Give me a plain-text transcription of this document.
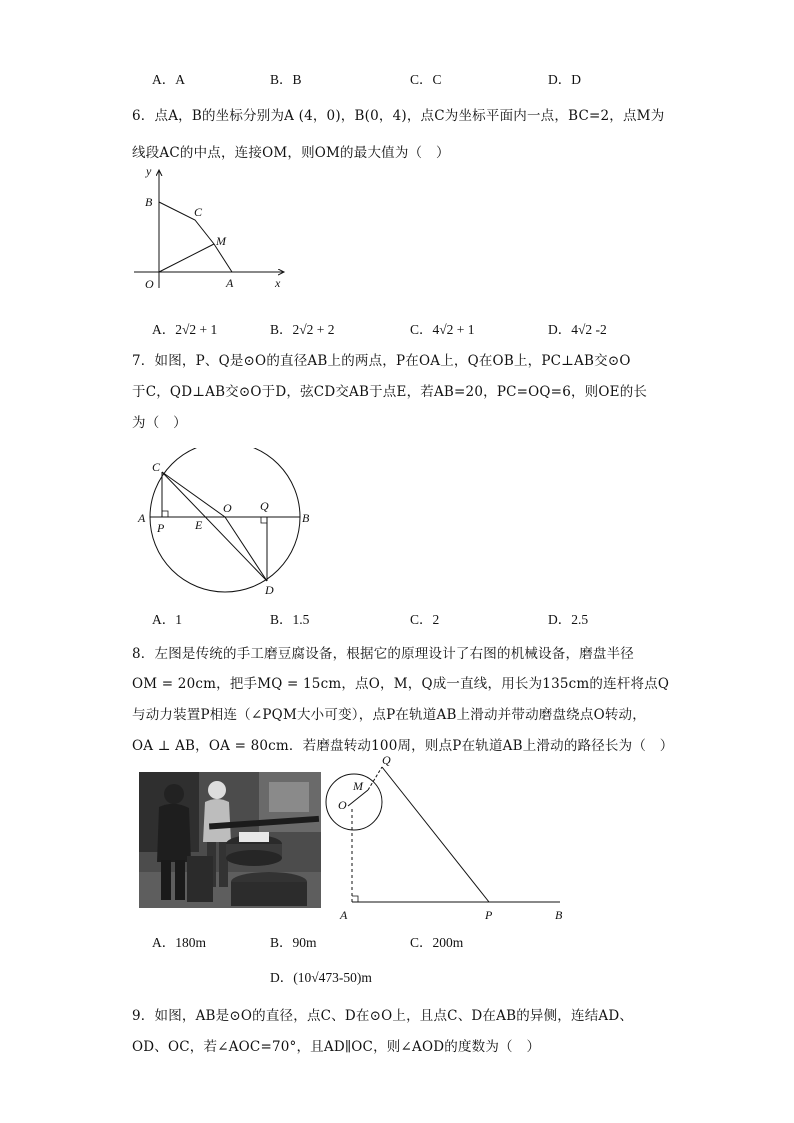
A．A	B．B	C．C	D．D
6．点A，B的坐标分别为A (4，0)，B(0，4)，点C为坐标平面内一点，BC=2，点M为
线段AC的中点，连接OM，则OM的最大值为（　）
y
B
C
M
O	A	x
A．2√2 + 1	B．2√2 + 2	C．4√2 + 1	D．4√2 -2
7．如图，P、Q是⊙O的直径AB上的两点，P在OA上，Q在OB上，PC⊥AB交⊙O
于C，QD⊥AB交⊙O于D，弦CD交AB于点E，若AB=20，PC=OQ=6，则OE的长
为（　）
C
A
P	E
O Q
B
D
A．1	B．1.5	C．2	D．2.5
8．左图是传统的手工磨豆腐设备，根据它的原理设计了右图的机械设备，磨盘半径
OM = 20cm，把手MQ = 15cm，点O，M，Q成一直线，用长为135cm的连杆将点Q
与动力装置P相连（∠PQM大小可变），点P在轨道AB上滑动并带动磨盘绕点O转动，
OA ⊥ AB，OA = 80cm．若磨盘转动100周，则点P在轨道AB上滑动的路径长为（　）
Q
M
O
A	P	B
A．180m	B．90m	C．200m
D．(10√473-50)m
9．如图，AB是⊙O的直径，点C、D在⊙O上，且点C、D在AB的异侧，连结AD、
OD、OC，若∠AOC=70°，且AD∥OC，则∠AOD的度数为（　）
